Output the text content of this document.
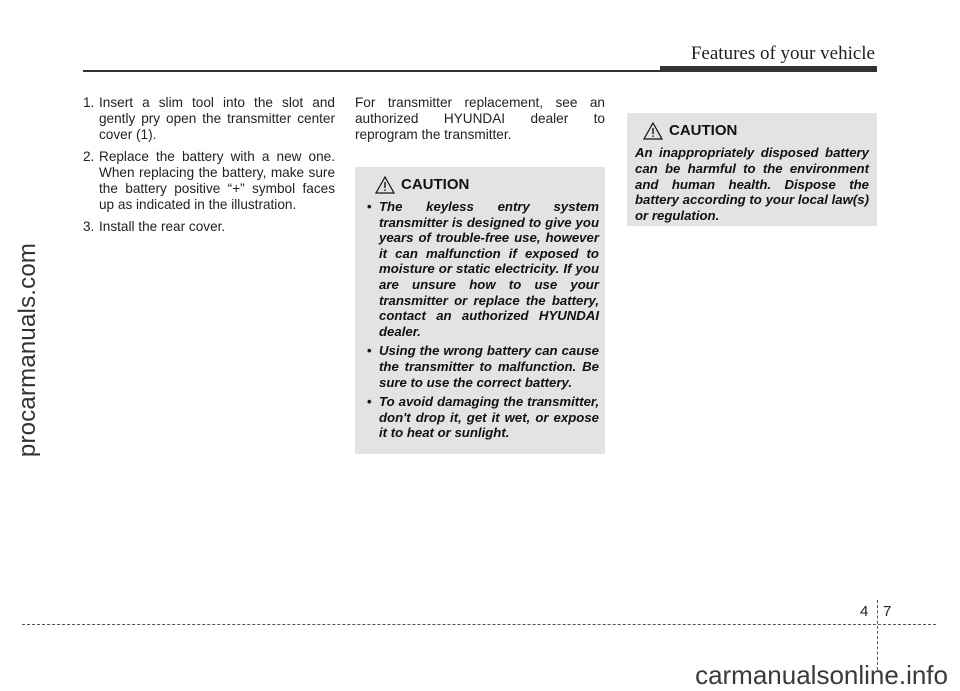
Features of your vehicle
procarmanuals.com
1. Insert a slim tool into the slot and gently pry open the transmitter center cover (1).
2. Replace the battery with a new one. When replacing the battery, make sure the battery positive “+” symbol faces up as indicated in the illustration.
3. Install the rear cover.

For transmitter replacement, see an authorized HYUNDAI dealer to reprogram the transmitter.

CAUTION
• The keyless entry system transmitter is designed to give you years of trouble-free use, however it can malfunction if exposed to moisture or static electricity. If you are unsure how to use your transmitter or replace the battery, contact an authorized HYUNDAI dealer.
• Using the wrong battery can cause the transmitter to malfunction. Be sure to use the correct battery.
• To avoid damaging the transmitter, don't drop it, get it wet, or expose it to heat or sunlight.
CAUTION

An inappropriately disposed battery can be harmful to the environment and human health. Dispose the battery according to your local law(s) or regulation.

4 7
carmanualsonline.info
